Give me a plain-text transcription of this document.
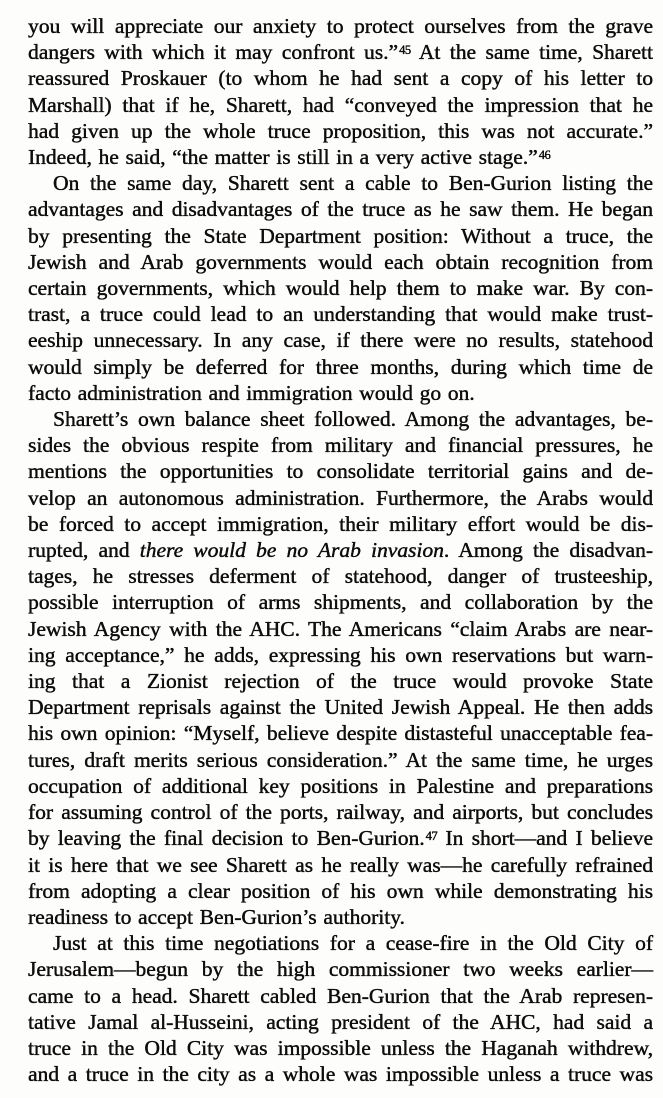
you will appreciate our anxiety to protect ourselves from the grave
dangers with which it may confront us.”$^{45}$ At the same time, Sharett
reassured Proskauer (to whom he had sent a copy of his letter to
Marshall) that if he, Sharett, had “conveyed the impression that he
had given up the whole truce proposition, this was not accurate.”
Indeed, he said, “the matter is still in a very active stage.”$^{46}$
On the same day, Sharett sent a cable to Ben-Gurion listing the
advantages and disadvantages of the truce as he saw them. He began
by presenting the State Department position: Without a truce, the
Jewish and Arab governments would each obtain recognition from
certain governments, which would help them to make war. By con-
trast, a truce could lead to an understanding that would make trust-
eeship unnecessary. In any case, if there were no results, statehood
would simply be deferred for three months, during which time de
facto administration and immigration would go on.
Sharett’s own balance sheet followed. Among the advantages, be-
sides the obvious respite from military and financial pressures, he
mentions the opportunities to consolidate territorial gains and de-
velop an autonomous administration. Furthermore, the Arabs would
be forced to accept immigration, their military effort would be dis-
rupted, and there would be no Arab invasion. Among the disadvan-
tages, he stresses deferment of statehood, danger of trusteeship,
possible interruption of arms shipments, and collaboration by the
Jewish Agency with the AHC. The Americans “claim Arabs are near-
ing acceptance,” he adds, expressing his own reservations but warn-
ing that a Zionist rejection of the truce would provoke State
Department reprisals against the United Jewish Appeal. He then adds
his own opinion: “Myself, believe despite distasteful unacceptable fea-
tures, draft merits serious consideration.” At the same time, he urges
occupation of additional key positions in Palestine and preparations
for assuming control of the ports, railway, and airports, but concludes
by leaving the final decision to Ben-Gurion.$^{47}$ In short—and I believe
it is here that we see Sharett as he really was—he carefully refrained
from adopting a clear position of his own while demonstrating his
readiness to accept Ben-Gurion’s authority.
Just at this time negotiations for a cease-fire in the Old City of
Jerusalem—begun by the high commissioner two weeks earlier—
came to a head. Sharett cabled Ben-Gurion that the Arab represen-
tative Jamal al-Husseini, acting president of the AHC, had said a
truce in the Old City was impossible unless the Haganah withdrew,
and a truce in the city as a whole was impossible unless a truce was
